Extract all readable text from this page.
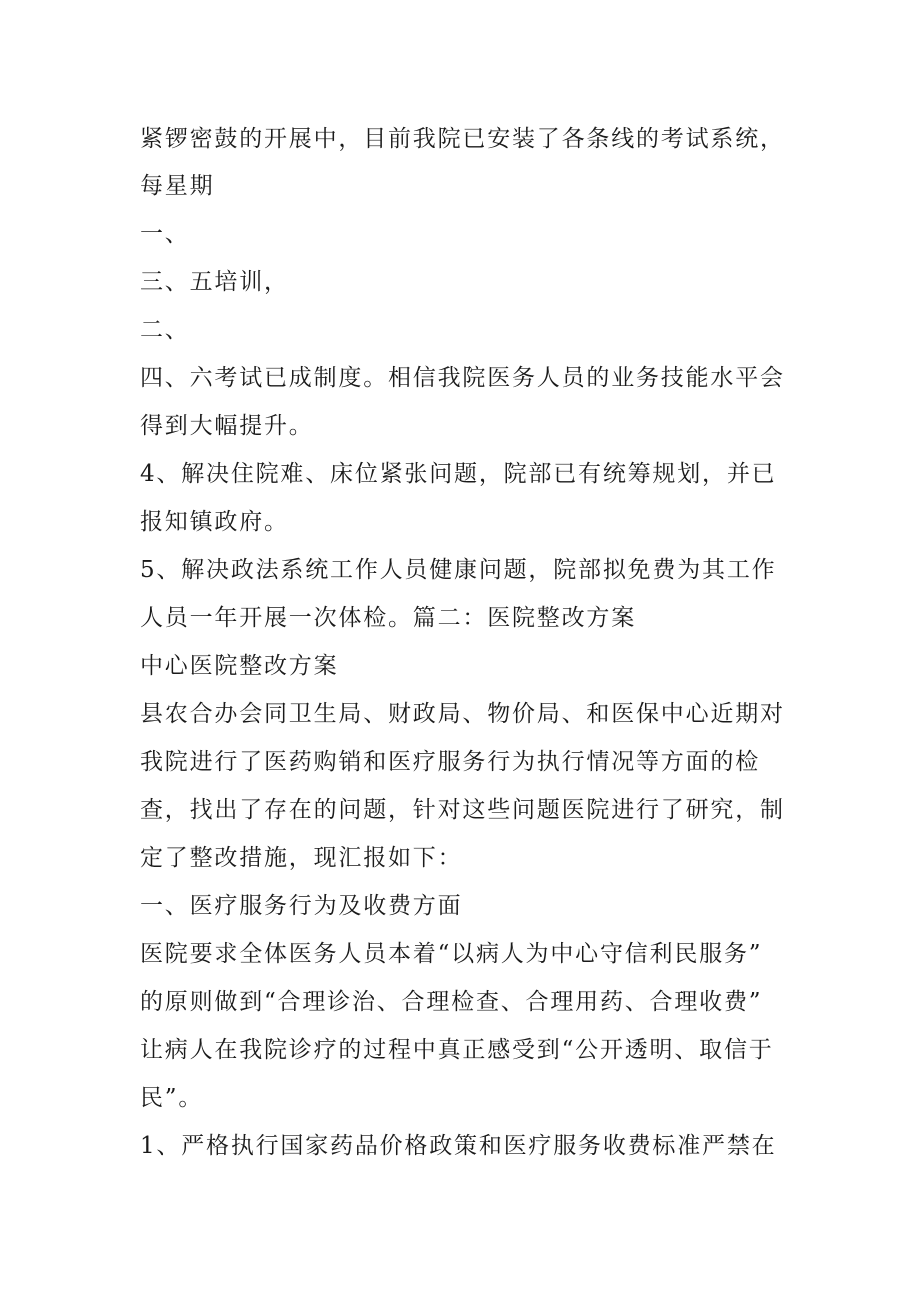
紧锣密鼓的开展中，目前我院已安装了各条线的考试系统，
每星期
一、
三、五培训，
二、
四、六考试已成制度。相信我院医务人员的业务技能水平会
得到大幅提升。
4、解决住院难、床位紧张问题，院部已有统筹规划，并已
报知镇政府。
5、解决政法系统工作人员健康问题，院部拟免费为其工作
人员一年开展一次体检。篇二：医院整改方案
中心医院整改方案
县农合办会同卫生局、财政局、物价局、和医保中心近期对
我院进行了医药购销和医疗服务行为执行情况等方面的检
查，找出了存在的问题，针对这些问题医院进行了研究，制
定了整改措施，现汇报如下：
一、医疗服务行为及收费方面
医院要求全体医务人员本着“以病人为中心守信利民服务”
的原则做到“合理诊治、合理检查、合理用药、合理收费”
让病人在我院诊疗的过程中真正感受到“公开透明、取信于
民”。
1、严格执行国家药品价格政策和医疗服务收费标准严禁在
